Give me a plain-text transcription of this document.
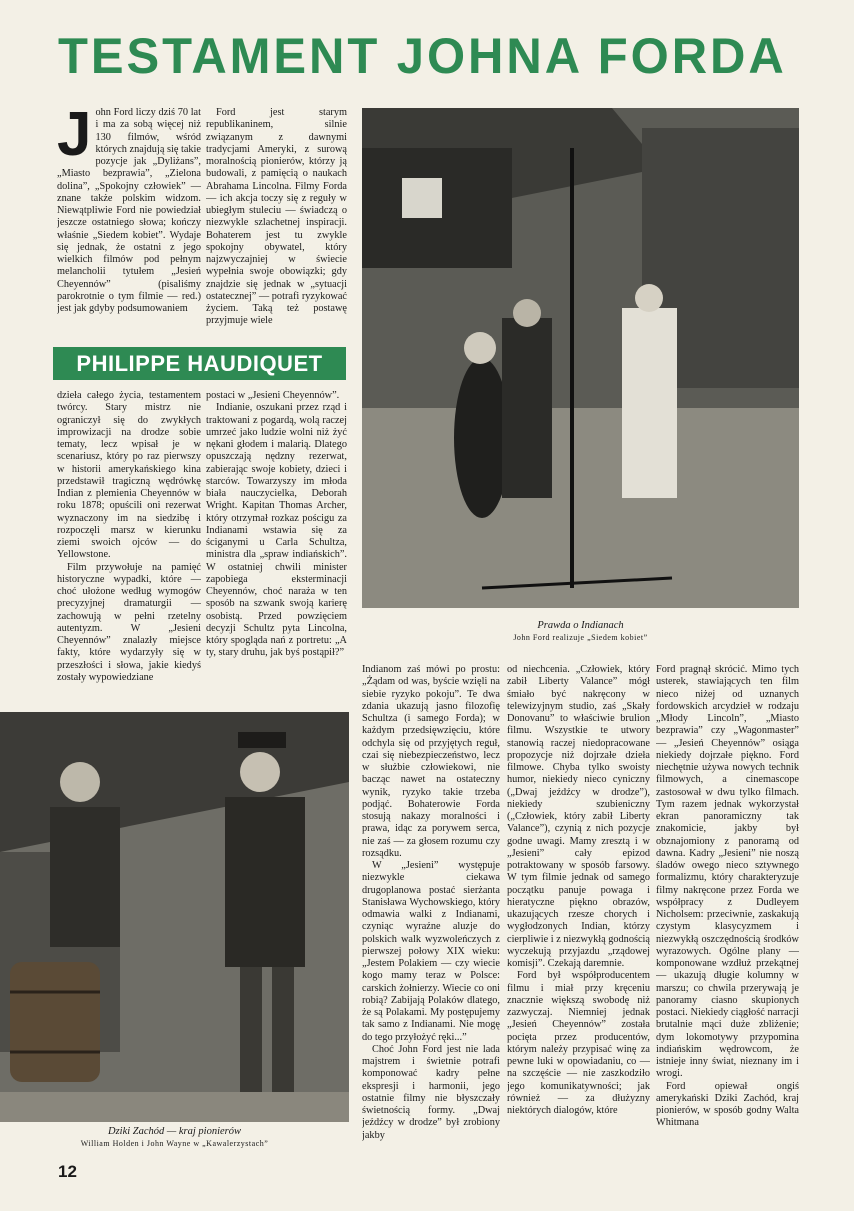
TESTAMENT JOHNA FORDA

John Ford liczy dziś 70 lat i ma za sobą więcej niż 130 filmów, wśród których znajdują się takie pozycje jak „Dyliżans”, „Miasto bezprawia”, „Zielona dolina”, „Spokojny człowiek” — znane także polskim widzom. Niewątpliwie Ford nie powiedział jeszcze ostatniego słowa; kończy właśnie „Siedem kobiet”. Wydaje się jednak, że ostatni z jego wielkich filmów pod pełnym melancholii tytułem „Jesień Cheyennów” (pisaliśmy parokrotnie o tym filmie — red.) jest jak gdyby podsumowaniem

Ford jest starym republikaninem, silnie związanym z dawnymi tradycjami Ameryki, z surową moralnością pionierów, którzy ją budowali, z pamięcią o naukach Abrahama Lincolna. Filmy Forda — ich akcja toczy się z reguły w ubiegłym stuleciu — świadczą o niezwykle szlachetnej inspiracji. Bohaterem jest tu zwykle spokojny obywatel, który najzwyczajniej w świecie wypełnia swoje obowiązki; gdy znajdzie się jednak w „sytuacji ostatecznej” — potrafi ryzykować życiem. Taką też postawę przyjmuje wiele

PHILIPPE HAUDIQUET

dzieła całego życia, testamentem twórcy. Stary mistrz nie ograniczył się do zwykłych improwizacji na drodze sobie tematy, lecz wpisał je w scenariusz, który po raz pierwszy w historii amerykańskiego kina przedstawił tragiczną wędrówkę Indian z plemienia Cheyennów w roku 1878; opuścili oni rezerwat wyznaczony im na siedzibę i rozpoczęli marsz w kierunku ziemi swoich ojców — do Yellowstone.

Film przywołuje na pamięć historyczne wypadki, które — choć ułożone według wymogów precyzyjnej dramaturgii — zachowują w pełni rzetelny autentyzm. W „Jesieni Cheyennów” znalazły miejsce fakty, które wydarzyły się w przeszłości i słowa, jakie kiedyś zostały wypowiedziane

postaci w „Jesieni Cheyennów”.

Indianie, oszukani przez rząd i traktowani z pogardą, wolą raczej umrzeć jako ludzie wolni niż żyć nękani głodem i malarią. Dlatego opuszczają nędzny rezerwat, zabierając swoje kobiety, dzieci i starców. Towarzyszy im młoda biała nauczycielka, Deborah Wright. Kapitan Thomas Archer, który otrzymał rozkaz pościgu za Indianami wstawia się za ściganymi u Carla Schultza, ministra dla „spraw indiańskich”. W ostatniej chwili minister zapobiega eksterminacji Cheyennów, choć naraża w ten sposób na szwank swoją karierę osobistą. Przed powzięciem decyzji Schultz pyta Lincolna, który spogląda nań z portretu: „A ty, stary druhu, jak byś postąpił?”

Prawda o Indianach
John Ford realizuje „Siedem kobiet”

Indianom zaś mówi po prostu: „Żądam od was, byście wzięli na siebie ryzyko pokoju”. Te dwa zdania ukazują jasno filozofię Schultza (i samego Forda); w każdym przedsięwzięciu, które odchyla się od przyjętych reguł, czai się niebezpieczeństwo, lecz w służbie człowiekowi, nie bacząc nawet na ostateczny wynik, ryzyko takie trzeba podjąć. Bohaterowie Forda stosują nakazy moralności i prawa, idąc za porywem serca, nie zaś — za głosem rozumu czy rozsądku.

W „Jesieni” występuje niezwykle ciekawa drugoplanowa postać sierżanta Stanisława Wychowskiego, który odmawia walki z Indianami, czyniąc wyraźne aluzje do polskich walk wyzwoleńczych z pierwszej połowy XIX wieku: „Jestem Polakiem — czy wiecie kogo mamy teraz w Polsce: carskich żołnierzy. Wiecie co oni robią? Zabijają Polaków dlatego, że są Polakami. My postępujemy tak samo z Indianami. Nie mogę do tego przyłożyć ręki...”

Choć John Ford jest nie lada majstrem i świetnie potrafi komponować kadry pełne ekspresji i harmonii, jego ostatnie filmy nie błyszczały świetnością formy. „Dwaj jeźdźcy w drodze” był zrobiony jakby

od niechcenia. „Człowiek, który zabił Liberty Valance” mógł śmiało być nakręcony w telewizyjnym studio, zaś „Skały Donovanu” to właściwie brulion filmu. Wszystkie te utwory stanowią raczej niedopracowane propozycje niż dojrzałe dzieła filmowe. Chyba tylko swoisty humor, niekiedy nieco cyniczny („Dwaj jeźdźcy w drodze”), niekiedy szubieniczny („Człowiek, który zabił Liberty Valance”), czynią z nich pozycje godne uwagi. Mamy zresztą i w „Jesieni” cały epizod potraktowany w sposób farsowy. W tym filmie jednak od samego początku panuje powaga i hieratyczne piękno obrazów, ukazujących rzesze chorych i wygłodzonych Indian, którzy cierpliwie i z niezwykłą godnością wyczekują przyjazdu „rządowej komisji”. Czekają daremnie.

Ford był współproducentem filmu i miał przy kręceniu znacznie większą swobodę niż zazwyczaj. Niemniej jednak „Jesień Cheyennów” została pocięta przez producentów, którym należy przypisać winę za pewne luki w opowiadaniu, co — na szczęście — nie zaszkodziło jego komunikatywności; jak również — za dłużyzny niektórych dialogów, które

Ford pragnął skrócić. Mimo tych usterek, stawiających ten film nieco niżej od uznanych fordowskich arcydzieł w rodzaju „Młody Lincoln”, „Miasto bezprawia” czy „Wagonmaster” — „Jesień Cheyennów” osiąga niekiedy dojrzałe piękno. Ford niechętnie używa nowych technik filmowych, a cinemascope zastosował w dwu tylko filmach. Tym razem jednak wykorzystał ekran panoramiczny tak znakomicie, jakby był obznajomiony z panoramą od dawna. Kadry „Jesieni” nie noszą śladów owego nieco sztywnego formalizmu, który charakteryzuje filmy nakręcone przez Forda we współpracy z Dudleyem Nicholsem: przeciwnie, zaskakują czystym klasycyzmem i niezwykłą oszczędnością środków wyrazowych. Ogólne plany — komponowane wzdłuż przekątnej — ukazują długie kolumny w marszu; co chwila przerywają je panoramy ciasno skupionych postaci. Niekiedy ciągłość narracji brutalnie mąci duże zbliżenie; dym lokomotywy przypomina indiańskim wędrowcom, że istnieje inny świat, nieznany im i wrogi.

Ford opiewał ongiś amerykański Dziki Zachód, kraj pionierów, w sposób godny Walta Whitmana

Dziki Zachód — kraj pionierów
William Holden i John Wayne w „Kawalerzystach”
12
